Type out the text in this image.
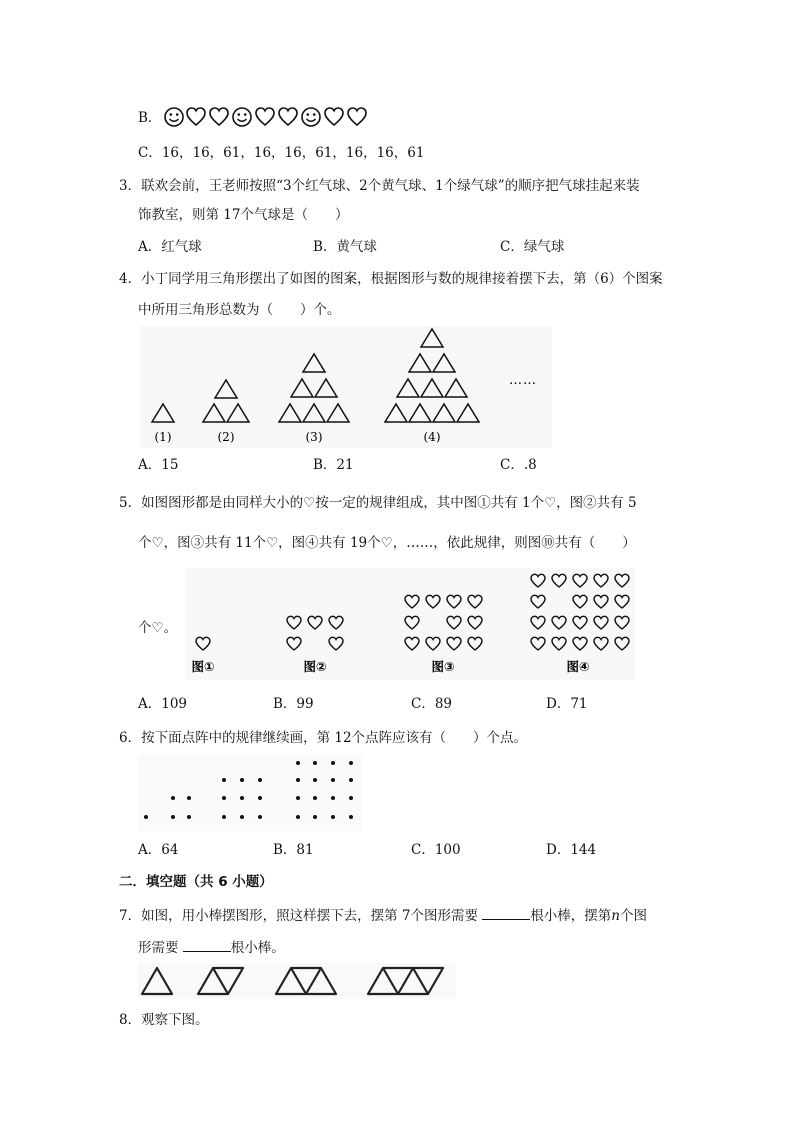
B．
C．16，16，61，16，16，61，16，16，61
3．联欢会前，王老师按照“3个红气球、2个黄气球、1个绿气球”的顺序把气球挂起来装
饰教室，则第 17个气球是（　　）
A．红气球	B．黄气球	C．绿气球
4．小丁同学用三角形摆出了如图的图案，根据图形与数的规律接着摆下去，第（6）个图案
中所用三角形总数为（　　）个。
(1)	(2)	(3)	(4)
……
A．15	B．21	C．.8
5．如图图形都是由同样大小的♡按一定的规律组成，其中图①共有 1个♡，图②共有 5
个♡，图③共有 11个♡，图④共有 19个♡，……，依此规律，则图⑩共有（　　）
个♡。
图①	图②	图③	图④
A．109	B．99	C．89	D．71
6．按下面点阵中的规律继续画，第 12个点阵应该有（　　）个点。
A．64	B．81	C．100	D．144
二．填空题（共 6 小题）
7．如图，用小棒摆图形，照这样摆下去，摆第 7个图形需要	根小棒，摆第n个图
形需要	根小棒。
8．观察下图。
